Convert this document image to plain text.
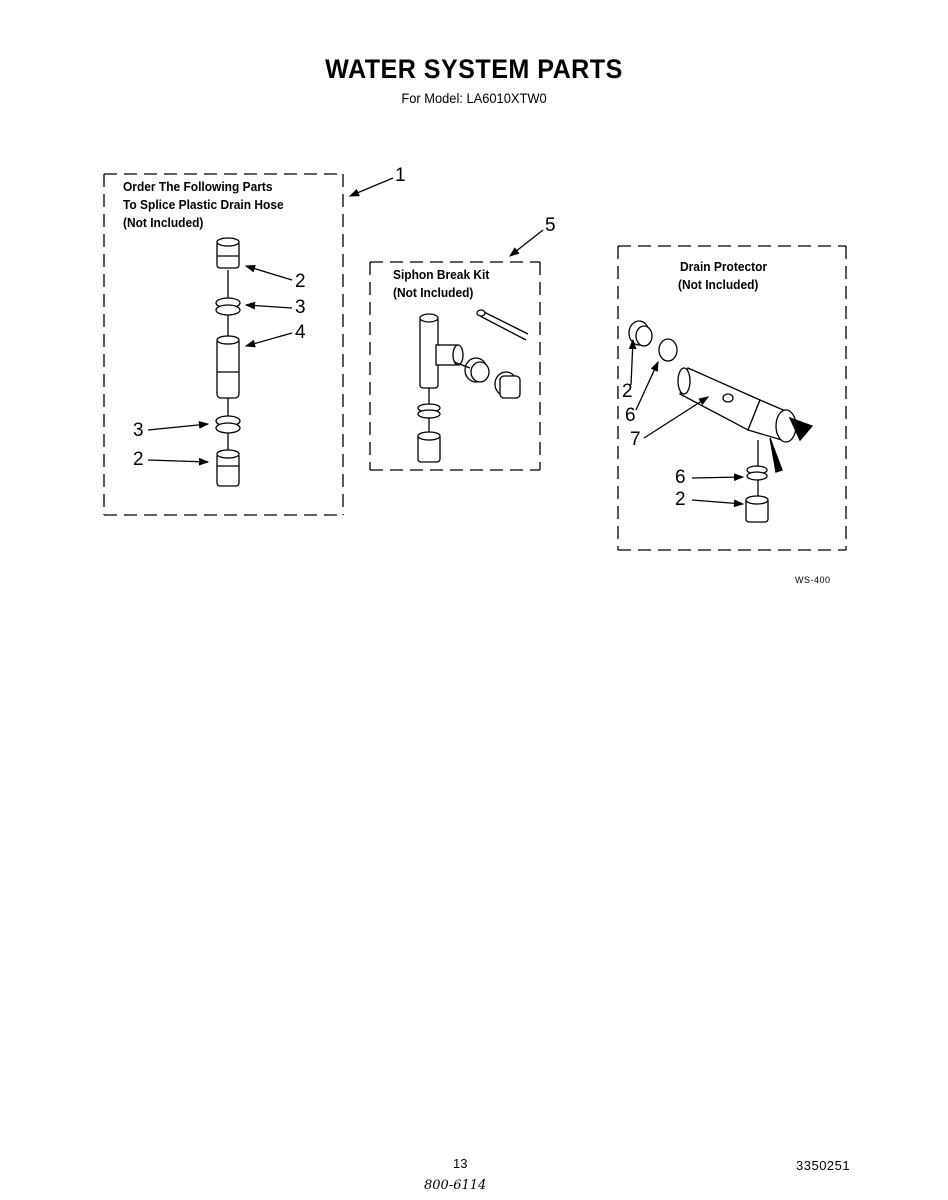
WATER SYSTEM PARTS
For Model: LA6010XTW0
Order The Following Parts
To Splice Plastic Drain Hose
(Not Included)
Siphon Break Kit
(Not Included)
Drain Protector
(Not Included)
1
5
2
3
4
3
2
2
6
7
6
2
WS-400
13	3350251
800-6114
